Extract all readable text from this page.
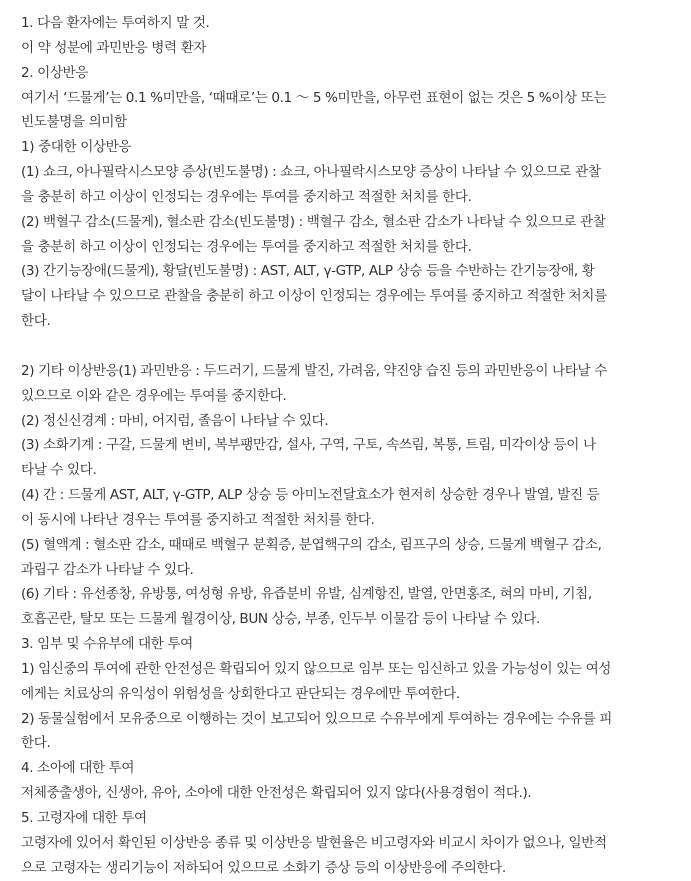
1. 다음 환자에는 투여하지 말 것.
이 약 성분에 과민반응 병력 환자
2. 이상반응
여기서 ‘드물게’는 0.1 %미만을, ‘때때로’는 0.1 ～ 5 %미만을, 아무런 표현이 없는 것은 5 %이상 또는
빈도불명을 의미함
1) 중대한 이상반응
(1) 쇼크, 아나필락시스모양 증상(빈도불명) : 쇼크, 아나필락시스모양 증상이 나타날 수 있으므로 관찰
을 충분히 하고 이상이 인정되는 경우에는 투여를 중지하고 적절한 처치를 한다.
(2) 백혈구 감소(드물게), 혈소판 감소(빈도불명) : 백혈구 감소, 혈소판 감소가 나타날 수 있으므로 관찰
을 충분히 하고 이상이 인정되는 경우에는 투여를 중지하고 적절한 처치를 한다.
(3) 간기능장애(드물게), 황달(빈도불명) : AST, ALT, γ-GTP, ALP 상승 등을 수반하는 간기능장애, 황
달이 나타날 수 있으므로 관찰을 충분히 하고 이상이 인정되는 경우에는 투여를 중지하고 적절한 처치를
한다.
2) 기타 이상반응(1) 과민반응 : 두드러기, 드물게 발진, 가려움, 약진양 습진 등의 과민반응이 나타날 수
있으므로 이와 같은 경우에는 투여를 중지한다.
(2) 정신신경계 : 마비, 어지럼, 졸음이 나타날 수 있다.
(3) 소화기계 : 구갈, 드물게 변비, 복부팽만감, 설사, 구역, 구토, 속쓰림, 복통, 트림, 미각이상 등이 나
타날 수 있다.
(4) 간 : 드물게 AST, ALT, γ-GTP, ALP 상승 등 아미노전달효소가 현저히 상승한 경우나 발열, 발진 등
이 동시에 나타난 경우는 투여를 중지하고 적절한 처치를 한다.
(5) 혈액계 : 혈소판 감소, 때때로 백혈구 분획증, 분엽핵구의 감소, 림프구의 상승, 드물게 백혈구 감소,
과립구 감소가 나타날 수 있다.
(6) 기타 : 유선종창, 유방통, 여성형 유방, 유즙분비 유발, 심계항진, 발열, 안면홍조, 혀의 마비, 기침,
호흡곤란, 탈모 또는 드물게 월경이상, BUN 상승, 부종, 인두부 이물감 등이 나타날 수 있다.
3. 임부 및 수유부에 대한 투여
1) 임신중의 투여에 관한 안전성은 확립되어 있지 않으므로 임부 또는 임신하고 있을 가능성이 있는 여성
에게는 치료상의 유익성이 위험성을 상회한다고 판단되는 경우에만 투여한다.
2) 동물실험에서 모유중으로 이행하는 것이 보고되어 있으므로 수유부에게 투여하는 경우에는 수유를 피
한다.
4. 소아에 대한 투여
저체중출생아, 신생아, 유아, 소아에 대한 안전성은 확립되어 있지 않다(사용경험이 적다.).
5. 고령자에 대한 투여
고령자에 있어서 확인된 이상반응 종류 및 이상반응 발현율은 비고령자와 비교시 차이가 없으나, 일반적
으로 고령자는 생리기능이 저하되어 있으므로 소화기 증상 등의 이상반응에 주의한다.
